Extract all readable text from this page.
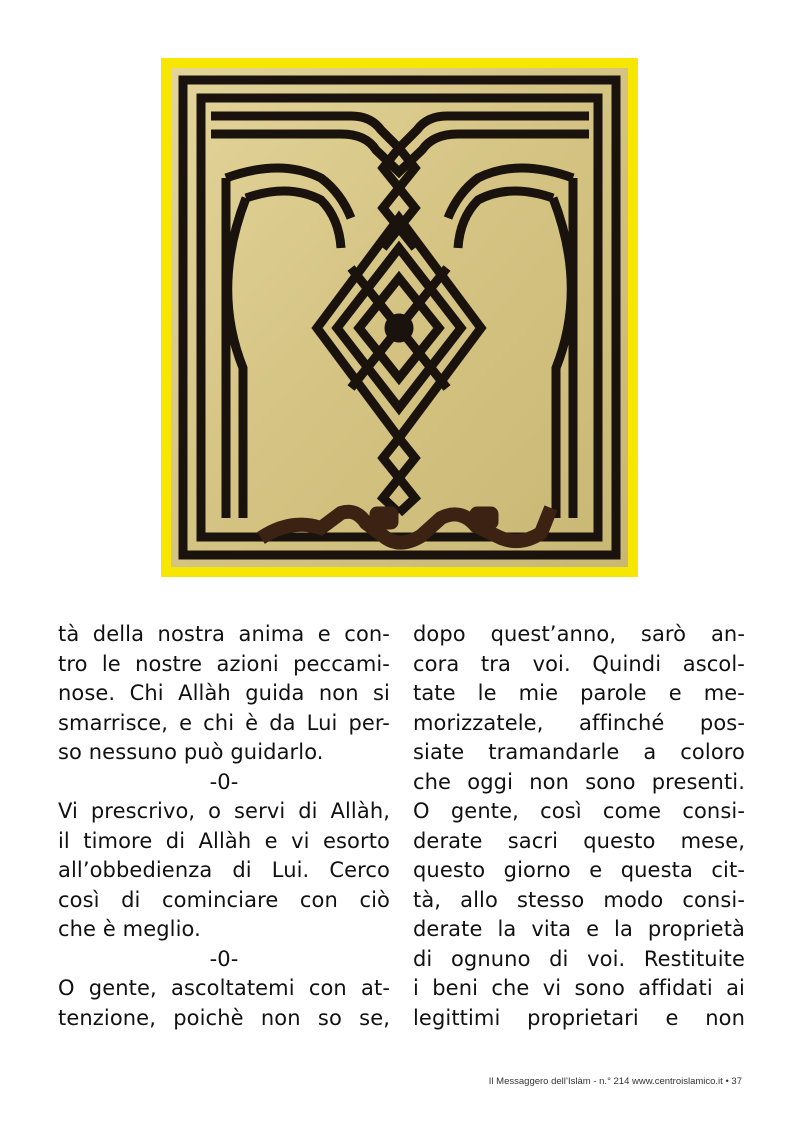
tà della nostra anima e con-
tro le nostre azioni peccami-
nose. Chi Allàh guida non si
smarrisce, e chi è da Lui per-
so nessuno può guidarlo.
-0-
Vi prescrivo, o servi di Allàh,
il timore di Allàh e vi esorto
all’obbedienza di Lui. Cerco
così di cominciare con ciò
che è meglio.
-0-
O gente, ascoltatemi con at-
tenzione, poichè non so se,
dopo quest’anno, sarò an-
cora tra voi. Quindi ascol-
tate le mie parole e me-
morizzatele, affinché pos-
siate tramandarle a coloro
che oggi non sono presenti.
O gente, così come consi-
derate sacri questo mese,
questo giorno e questa cit-
tà, allo stesso modo consi-
derate la vita e la proprietà
di ognuno di voi. Restituite
i beni che vi sono affidati ai
legittimi proprietari e non
Il Messaggero dell’Islàm - n.° 214 www.centroislamico.it • 37
